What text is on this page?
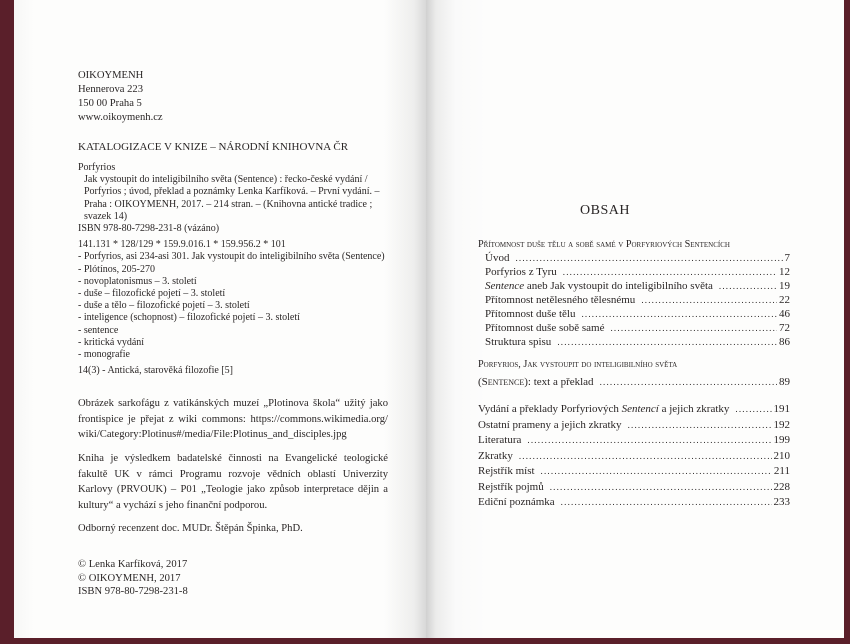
OIKOYMENH
Hennerova 223
150 00 Praha 5
www.oikoymenh.cz
KATALOGIZACE V KNIZE – NÁRODNÍ KNIHOVNA ČR
Porfyrios
Jak vystoupit do inteligibilního světa (Sentence) : řecko-české vydání / Porfyrios ; úvod, překlad a poznámky Lenka Karfíková. – První vydání. – Praha : OIKOYMENH, 2017. – 214 stran. – (Knihovna antické tradice ; svazek 14)
ISBN 978-80-7298-231-8 (vázáno)
141.131 * 128/129 * 159.9.016.1 * 159.956.2 * 101
- Porfyrios, asi 234-asi 301. Jak vystoupit do inteligibilního světa (Sentence)
- Plótínos, 205-270
- novoplatonismus – 3. století
- duše – filozofické pojetí – 3. století
- duše a tělo – filozofické pojetí – 3. století
- inteligence (schopnost) – filozofické pojetí – 3. století
- sentence
- kritická vydání
- monografie
14(3) - Antická, starověká filozofie [5]
Obrázek sarkofágu z vatikánských muzeí „Plotinova škola“ užitý jako frontispice je přejat z wiki commons: https://commons.wikimedia.org/ wiki/Category:Plotinus#/media/File:Plotinus_and_disciples.jpg
Kniha je výsledkem badatelské činnosti na Evangelické teologické fakultě UK v rámci Programu rozvoje vědních oblastí Univerzity Karlovy (PRVOUK) – P01 „Teologie jako způsob interpretace dějin a kultury“ a vychází s jeho finanční podporou.
Odborný recenzent doc. MUDr. Štěpán Špinka, PhD.
© Lenka Karfíková, 2017
© OIKOYMENH, 2017
ISBN 978-80-7298-231-8
OBSAH
Přítomnost duše tělu a sobě samé v Porfyriových Sentencích
Porfyrios, Jak vystoupit do inteligibilního světa
(Sentence): text a překlad .....	89
Úvod .....	7
Porfyrios z Tyru .....	12
Sentence aneb Jak vystoupit do inteligibilního světa .....	19
Přítomnost netělesného tělesnému .....	22
Přítomnost duše tělu .....	46
Přítomnost duše sobě samé .....	72
Struktura spisu .....	86
Vydání a překlady Porfyriových Sentencí a jejich zkratky .....	191
Ostatní prameny a jejich zkratky .....	192
Literatura .....	199
Zkratky .....	210
Rejstřík míst .....	211
Rejstřík pojmů .....	228
Ediční poznámka .....	233
